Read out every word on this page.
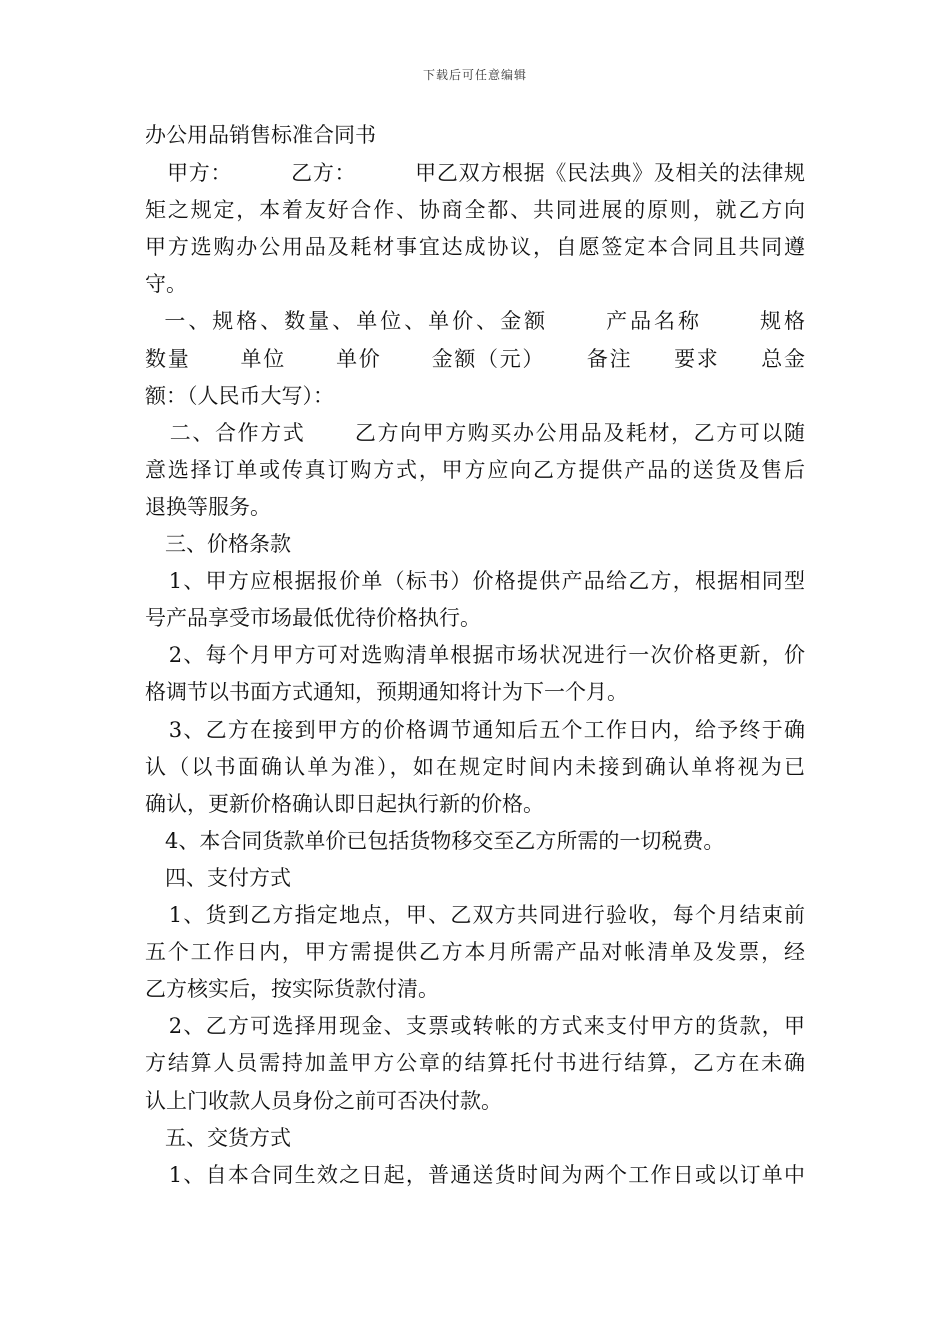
下载后可任意编辑
办公用品销售标准合同书
甲方：        乙方：        甲乙双方根据《民法典》及相关的法律规
矩之规定，本着友好合作、协商全都、共同进展的原则，就乙方向
甲方选购办公用品及耗材事宜达成协议，自愿签定本合同且共同遵
守。
一、规格、数量、单位、单价、金额      产品名称      规格
数量      单位      单价      金额（元）     备注     要求     总金
额：（人民币大写）：
二、合作方式      乙方向甲方购买办公用品及耗材，乙方可以随
意选择订单或传真订购方式，甲方应向乙方提供产品的送货及售后
退换等服务。
三、价格条款
1、甲方应根据报价单（标书）价格提供产品给乙方，根据相同型
号产品享受市场最低优待价格执行。
2、每个月甲方可对选购清单根据市场状况进行一次价格更新，价
格调节以书面方式通知，预期通知将计为下一个月。
3、乙方在接到甲方的价格调节通知后五个工作日内，给予终于确
认（以书面确认单为准），如在规定时间内未接到确认单将视为已
确认，更新价格确认即日起执行新的价格。
4、本合同货款单价已包括货物移交至乙方所需的一切税费。
四、支付方式
1、货到乙方指定地点，甲、乙双方共同进行验收，每个月结束前
五个工作日内，甲方需提供乙方本月所需产品对帐清单及发票，经
乙方核实后，按实际货款付清。
2、乙方可选择用现金、支票或转帐的方式来支付甲方的货款，甲
方结算人员需持加盖甲方公章的结算托付书进行结算，乙方在未确
认上门收款人员身份之前可否决付款。
五、交货方式
1、自本合同生效之日起，普通送货时间为两个工作日或以订单中
